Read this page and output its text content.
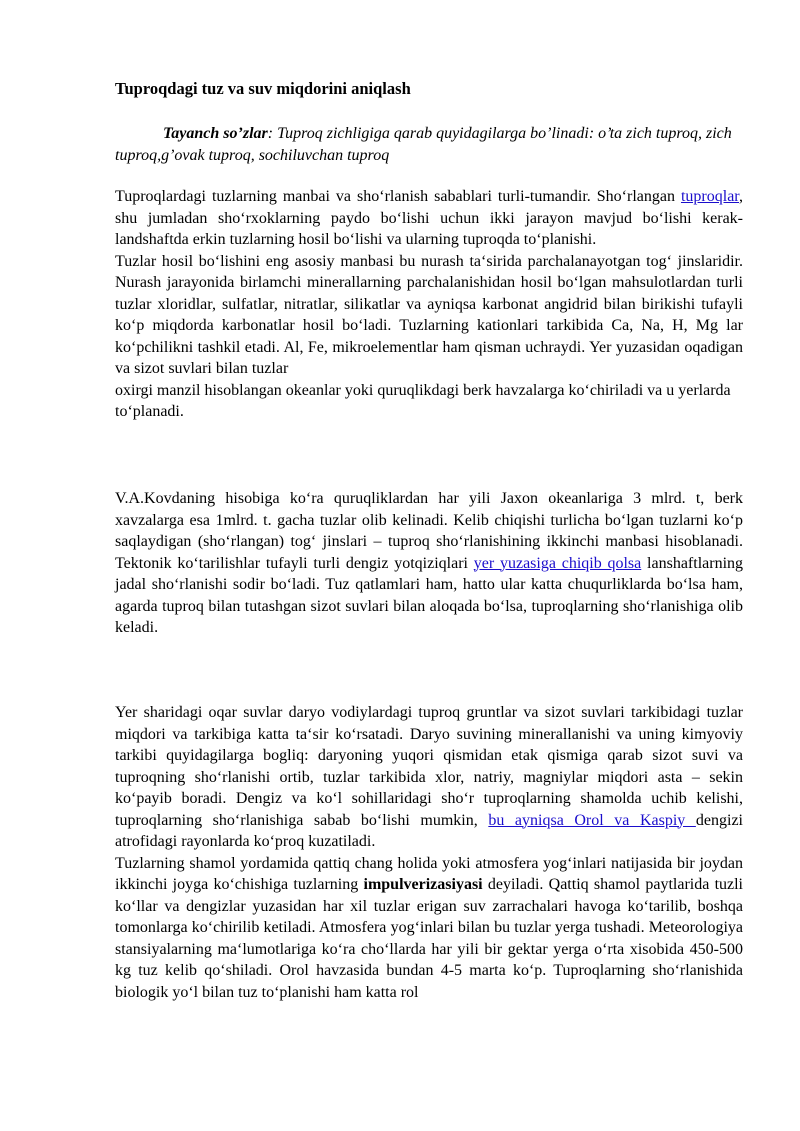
Tuproqdagi tuz va suv miqdorini aniqlash
Tayanch so’zlar: Tuproq zichligiga qarab quyidagilarga bo’linadi: o’ta zich tuproq, zich tuproq,g’ovak tuproq, sochiluvchan tuproq

Tuproqlardagi tuzlarning manbai va sho‘rlanish sabablari turli-tumandir. Sho‘rlangan tuproqlar, shu jumladan sho‘rxoklarning paydo bo‘lishi uchun ikki jarayon mavjud bo‘lishi kerak-landshaftda erkin tuzlarning hosil bo‘lishi va ularning tuproqda to‘planishi.

Tuzlar hosil bo‘lishini eng asosiy manbasi bu nurash ta‘sirida parchalanayotgan tog‘ jinslaridir. Nurash jarayonida birlamchi minerallarning parchalanishidan hosil bo‘lgan mahsulotlardan turli tuzlar xloridlar, sulfatlar, nitratlar, silikatlar va ayniqsa karbonat angidrid bilan birikishi tufayli ko‘p miqdorda karbonatlar hosil bo‘ladi. Tuzlarning kationlari tarkibida Ca, Na, H, Mg lar ko‘pchilikni tashkil etadi. Al, Fe, mikroelementlar ham qisman uchraydi. Yer yuzasidan oqadigan va sizot suvlari bilan tuzlar

oxirgi manzil hisoblangan okeanlar yoki quruqlikdagi berk havzalarga ko‘chiriladi va u yerlarda to‘planadi.

V.A.Kovdaning hisobiga ko‘ra quruqliklardan har yili Jaxon okeanlariga 3 mlrd. t, berk xavzalarga esa 1mlrd. t. gacha tuzlar olib kelinadi. Kelib chiqishi turlicha bo‘lgan tuzlarni ko‘p saqlaydigan (sho‘rlangan) tog‘ jinslari – tuproq sho‘rlanishining ikkinchi manbasi hisoblanadi. Tektonik ko‘tarilishlar tufayli turli dengiz yotqiziqlari yer yuzasiga chiqib qolsa lanshaftlarning jadal sho‘rlanishi sodir bo‘ladi. Tuz qatlamlari ham, hatto ular katta chuqurliklarda bo‘lsa ham, agarda tuproq bilan tutashgan sizot suvlari bilan aloqada bo‘lsa, tuproqlarning sho‘rlanishiga olib keladi.

Yer sharidagi oqar suvlar daryo vodiylardagi tuproq gruntlar va sizot suvlari tarkibidagi tuzlar miqdori va tarkibiga katta ta‘sir ko‘rsatadi. Daryo suvining minerallanishi va uning kimyoviy tarkibi quyidagilarga bogliq: daryoning yuqori qismidan etak qismiga qarab sizot suvi va tuproqning sho‘rlanishi ortib, tuzlar tarkibida xlor, natriy, magniylar miqdori asta – sekin ko‘payib boradi. Dengiz va ko‘l sohillaridagi sho‘r tuproqlarning shamolda uchib kelishi, tuproqlarning sho‘rlanishiga sabab bo‘lishi mumkin, bu ayniqsa Orol va Kaspiy dengizi atrofidagi rayonlarda ko‘proq kuzatiladi.

Tuzlarning shamol yordamida qattiq chang holida yoki atmosfera yog‘inlari natijasida bir joydan ikkinchi joyga ko‘chishiga tuzlarning impulverizasiyasi deyiladi. Qattiq shamol paytlarida tuzli ko‘llar va dengizlar yuzasidan har xil tuzlar erigan suv zarrachalari havoga ko‘tarilib, boshqa tomonlarga ko‘chirilib ketiladi. Atmosfera yog‘inlari bilan bu tuzlar yerga tushadi. Meteorologiya stansiyalarning ma‘lumotlariga ko‘ra cho‘llarda har yili bir gektar yerga o‘rta xisobida 450-500 kg tuz kelib qo‘shiladi. Orol havzasida bundan 4-5 marta ko‘p. Tuproqlarning sho‘rlanishida biologik yo‘l bilan tuz to‘planishi ham katta rol
